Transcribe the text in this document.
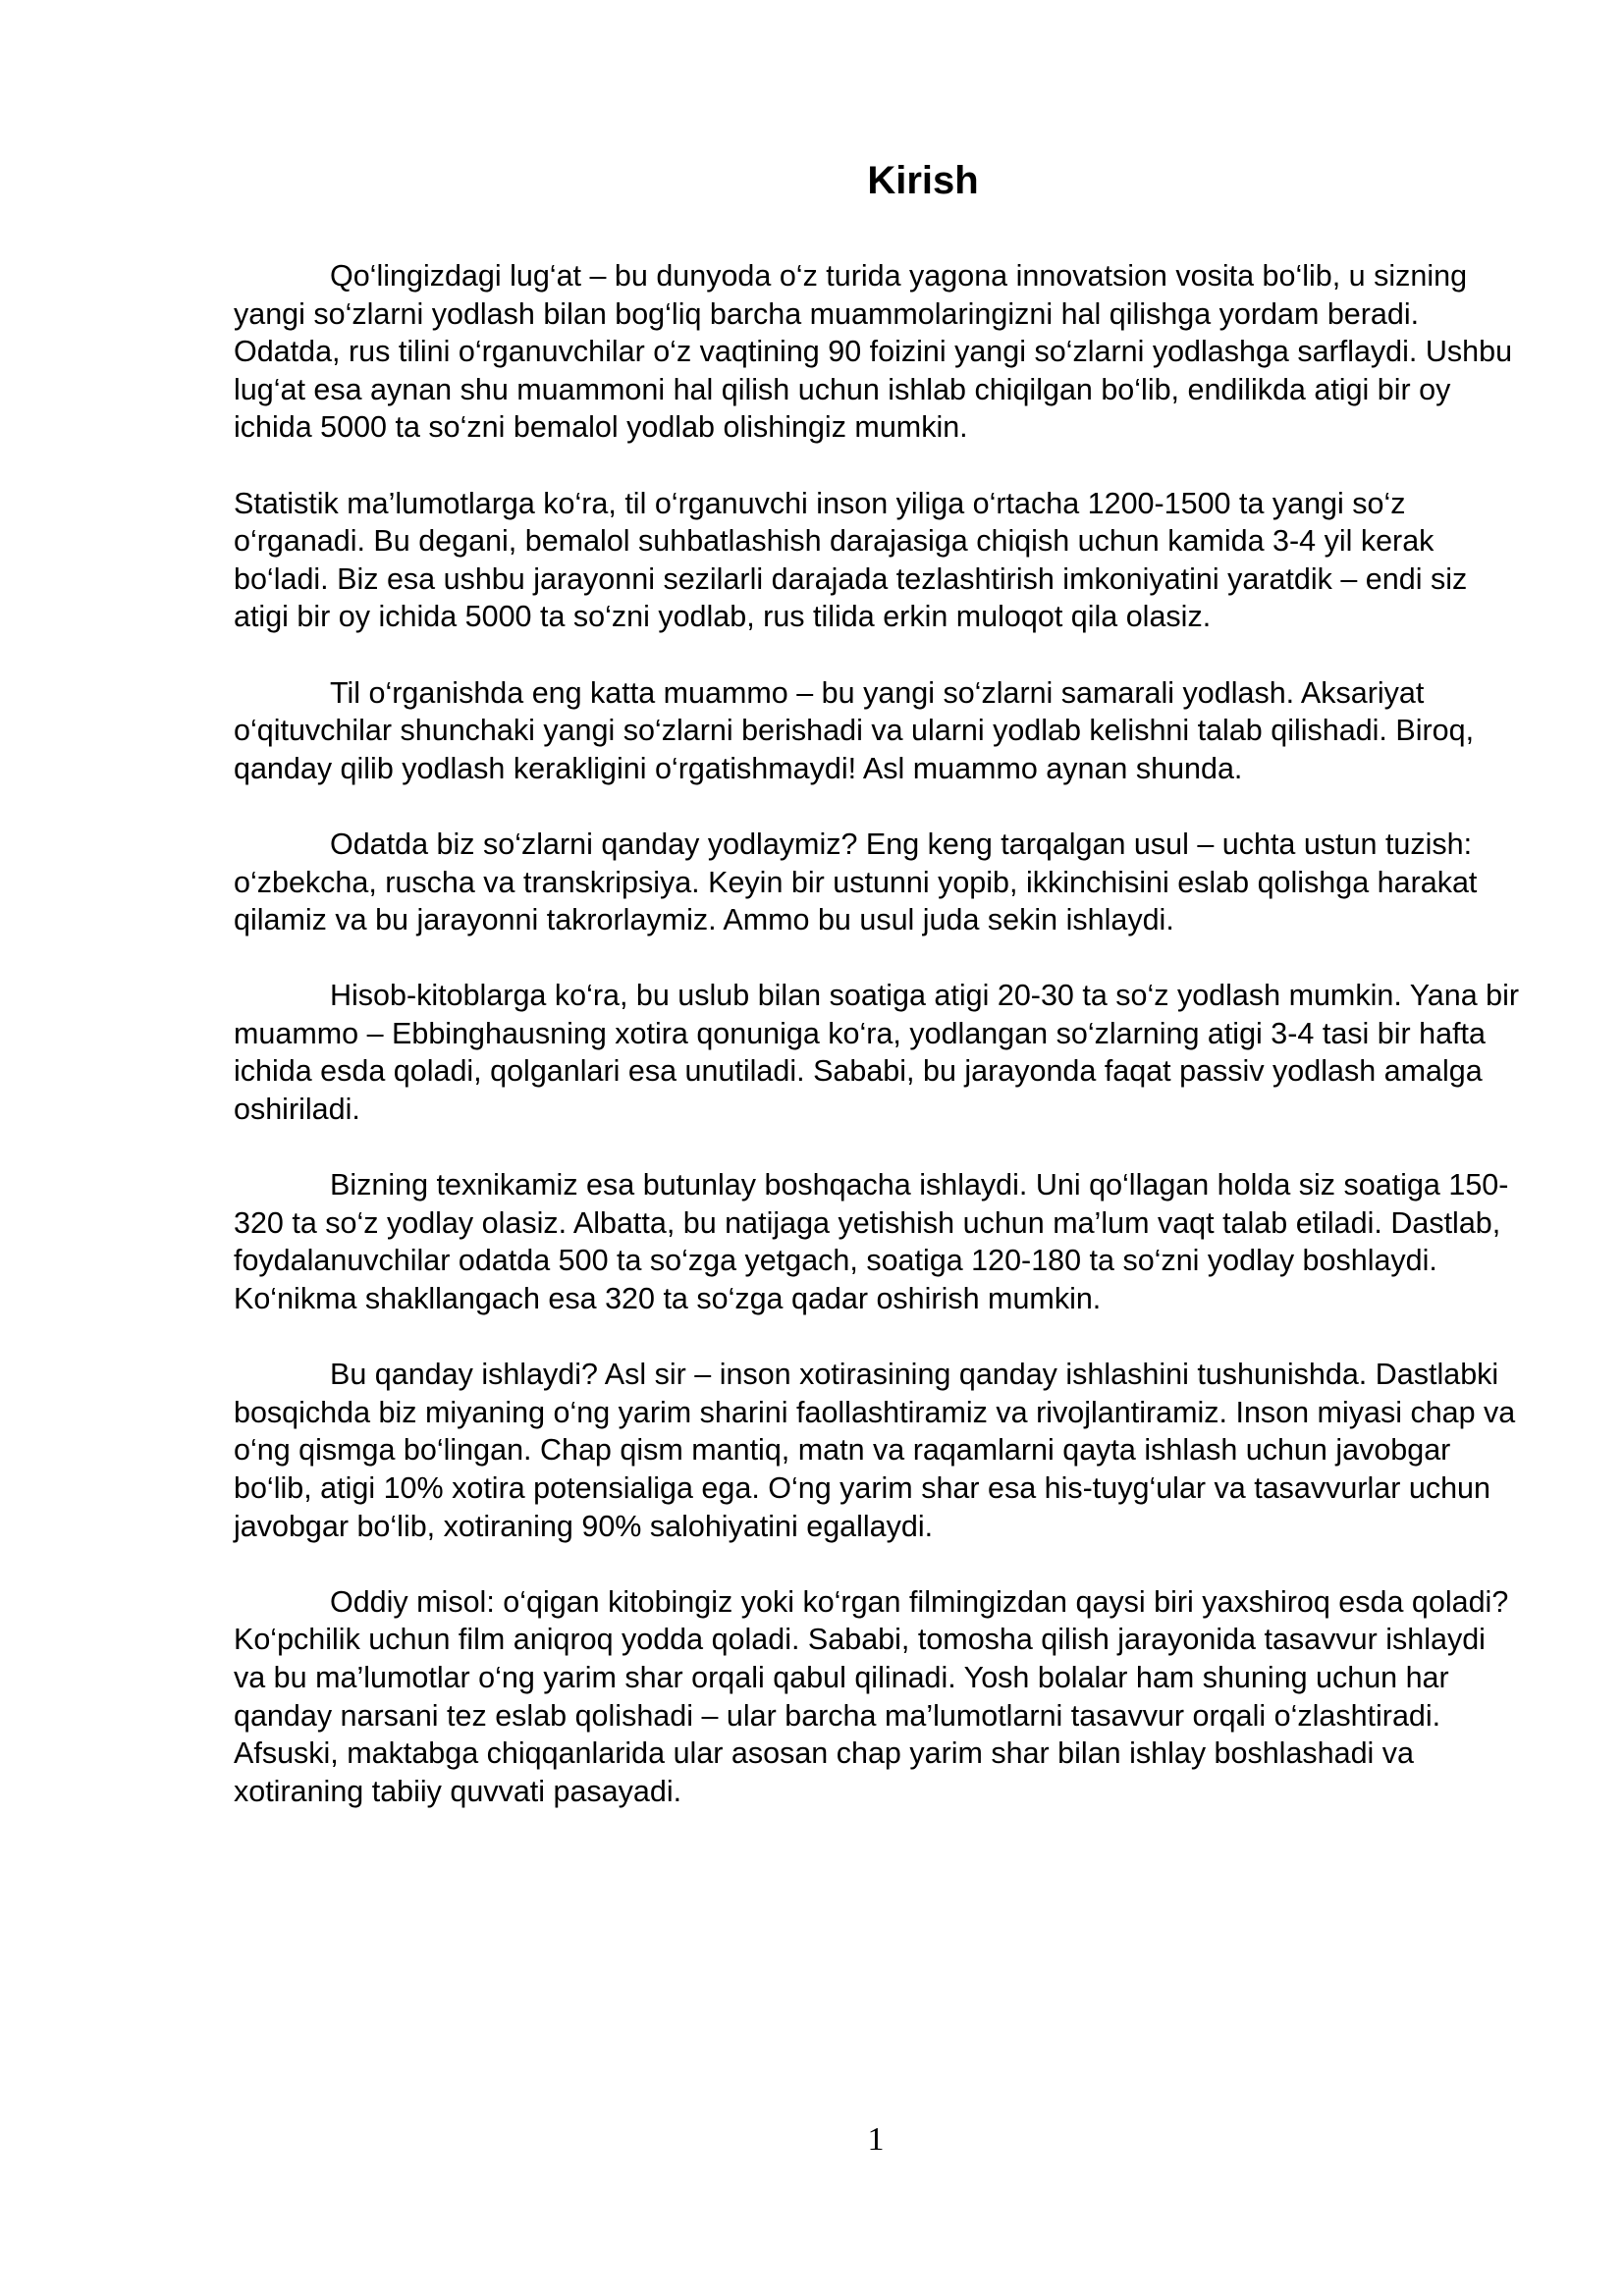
Kirish

Qo‘lingizdagi lug‘at – bu dunyoda o‘z turida yagona innovatsion vosita bo‘lib, u sizning yangi so‘zlarni yodlash bilan bog‘liq barcha muammolaringizni hal qilishga yordam beradi. Odatda, rus tilini o‘rganuvchilar o‘z vaqtining 90 foizini yangi so‘zlarni yodlashga sarflaydi. Ushbu lug‘at esa aynan shu muammoni hal qilish uchun ishlab chiqilgan bo‘lib, endilikda atigi bir oy ichida 5000 ta so‘zni bemalol yodlab olishingiz mumkin.

Statistik ma’lumotlarga ko‘ra, til o‘rganuvchi inson yiliga o‘rtacha 1200-1500 ta yangi so‘z o‘rganadi. Bu degani, bemalol suhbatlashish darajasiga chiqish uchun kamida 3-4 yil kerak bo‘ladi. Biz esa ushbu jarayonni sezilarli darajada tezlashtirish imkoniyatini yaratdik – endi siz atigi bir oy ichida 5000 ta so‘zni yodlab, rus tilida erkin muloqot qila olasiz.

Til o‘rganishda eng katta muammo – bu yangi so‘zlarni samarali yodlash. Aksariyat o‘qituvchilar shunchaki yangi so‘zlarni berishadi va ularni yodlab kelishni talab qilishadi. Biroq, qanday qilib yodlash kerakligini o‘rgatishmaydi! Asl muammo aynan shunda.

Odatda biz so‘zlarni qanday yodlaymiz? Eng keng tarqalgan usul – uchta ustun tuzish: o‘zbekcha, ruscha va transkripsiya. Keyin bir ustunni yopib, ikkinchisini eslab qolishga harakat qilamiz va bu jarayonni takrorlaymiz. Ammo bu usul juda sekin ishlaydi.

Hisob-kitoblarga ko‘ra, bu uslub bilan soatiga atigi 20-30 ta so‘z yodlash mumkin. Yana bir muammo – Ebbinghausning xotira qonuniga ko‘ra, yodlangan so‘zlarning atigi 3-4 tasi bir hafta ichida esda qoladi, qolganlari esa unutiladi. Sababi, bu jarayonda faqat passiv yodlash amalga oshiriladi.

Bizning texnikamiz esa butunlay boshqacha ishlaydi. Uni qo‘llagan holda siz soatiga 150-320 ta so‘z yodlay olasiz. Albatta, bu natijaga yetishish uchun ma’lum vaqt talab etiladi. Dastlab, foydalanuvchilar odatda 500 ta so‘zga yetgach, soatiga 120-180 ta so‘zni yodlay boshlaydi. Ko‘nikma shakllangach esa 320 ta so‘zga qadar oshirish mumkin.

Bu qanday ishlaydi? Asl sir – inson xotirasining qanday ishlashini tushunishda. Dastlabki bosqichda biz miyaning o‘ng yarim sharini faollashtiramiz va rivojlantiramiz. Inson miyasi chap va o‘ng qismga bo‘lingan. Chap qism mantiq, matn va raqamlarni qayta ishlash uchun javobgar bo‘lib, atigi 10% xotira potensialiga ega. O‘ng yarim shar esa his-tuyg‘ular va tasavvurlar uchun javobgar bo‘lib, xotiraning 90% salohiyatini egallaydi.

Oddiy misol: o‘qigan kitobingiz yoki ko‘rgan filmingizdan qaysi biri yaxshiroq esda qoladi? Ko‘pchilik uchun film aniqroq yodda qoladi. Sababi, tomosha qilish jarayonida tasavvur ishlaydi va bu ma’lumotlar o‘ng yarim shar orqali qabul qilinadi. Yosh bolalar ham shuning uchun har qanday narsani tez eslab qolishadi – ular barcha ma’lumotlarni tasavvur orqali o‘zlashtiradi. Afsuski, maktabga chiqqanlarida ular asosan chap yarim shar bilan ishlay boshlashadi va xotiraning tabiiy quvvati pasayadi.

1
